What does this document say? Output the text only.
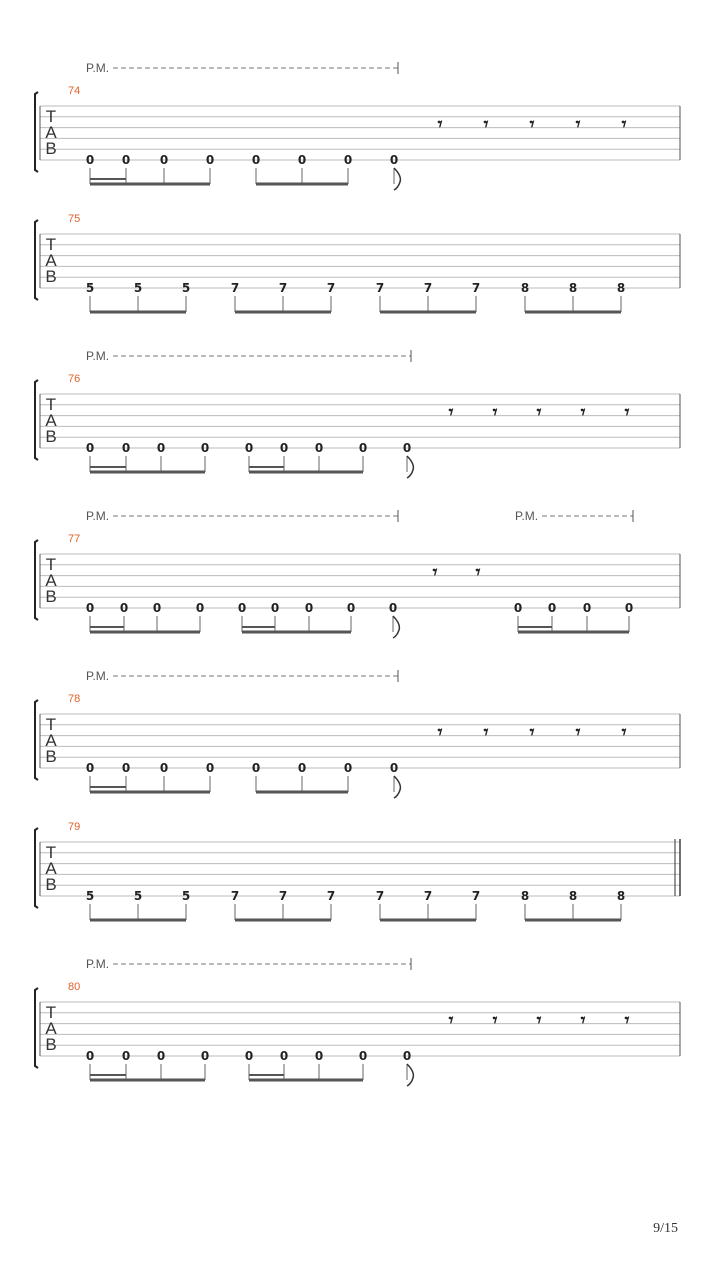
T
A
B
74
P.M.
0 0 0	0	0	0	0	0
𝄾 𝄾 𝄾 𝄾 𝄾
T
A
B
75
5	5	5	7	7	7	7	7	7	8	8	8
T
A
B
76
P.M.
0 0 0	0	0 0 0	0	0
𝄾 𝄾 𝄾 𝄾 𝄾
T
A
B
77
P.M.	P.M.
0 0 0	0	0 0 0	0	0	0 0 0	0
𝄾 𝄾
T
A
B
78
P.M.
0 0 0	0	0	0	0	0
𝄾 𝄾 𝄾 𝄾 𝄾
T
A
B
79
5	5	5	7	7	7	7	7	7	8	8	8
T
A
B
80
P.M.
0 0 0	0	0 0 0	0	0
𝄾 𝄾 𝄾 𝄾 𝄾
9/15
